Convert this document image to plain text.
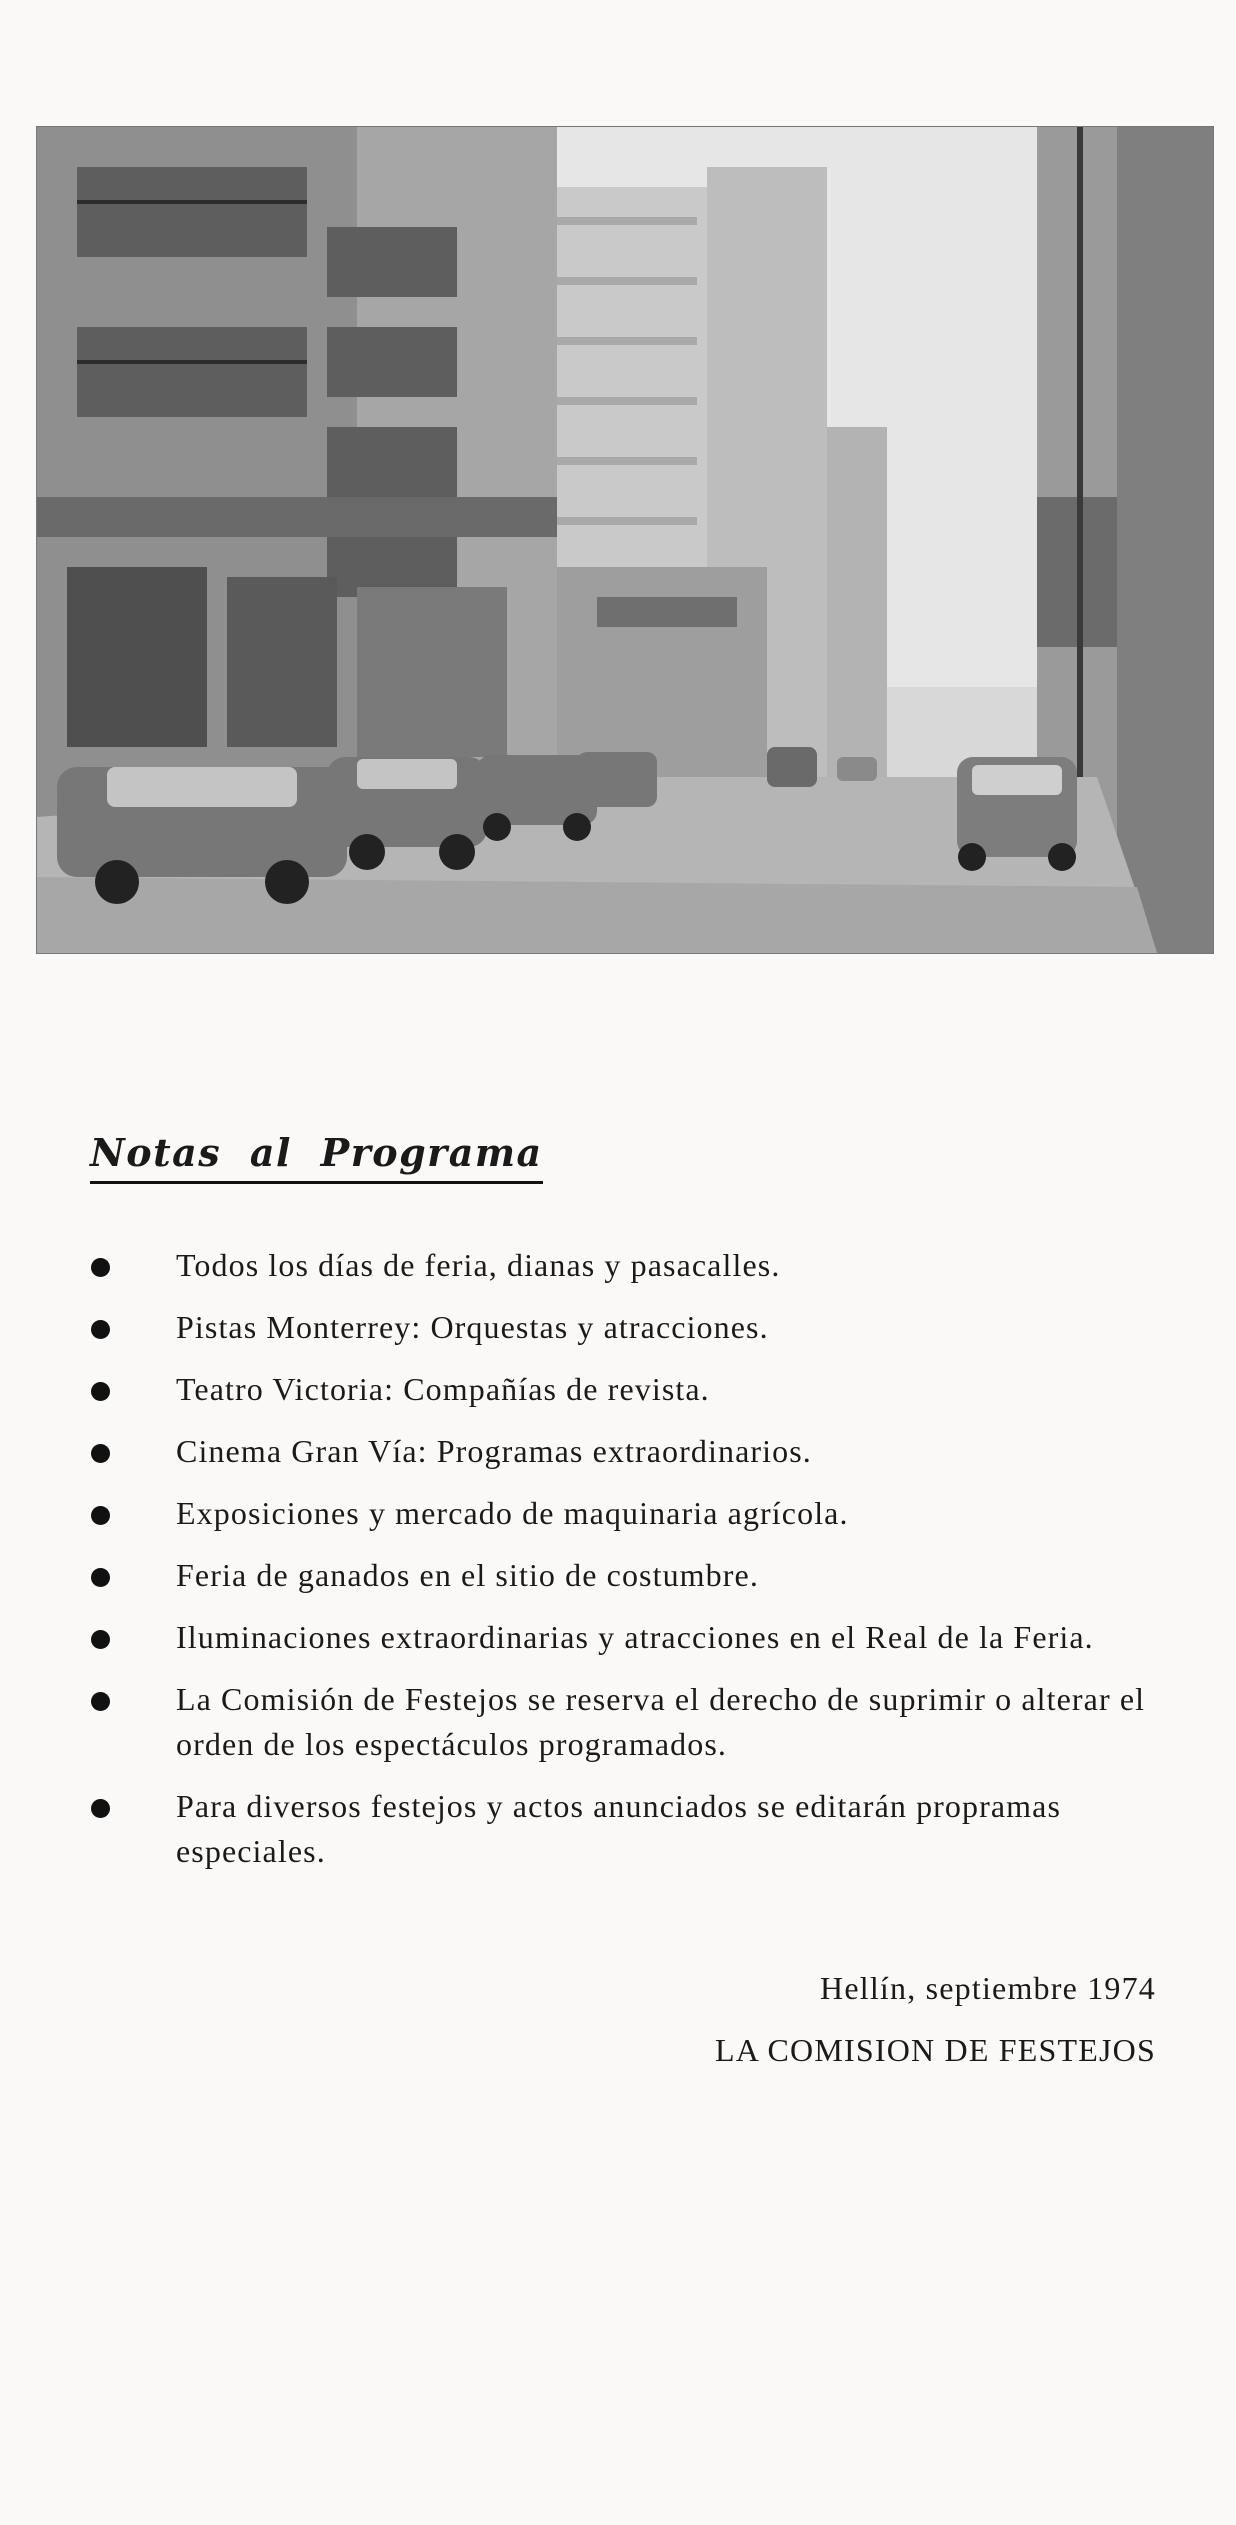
Notas al Programa
Todos los días de feria, dianas y pasacalles.
Pistas Monterrey: Orquestas y atracciones.
Teatro Victoria: Compañías de revista.
Cinema Gran Vía: Programas extraordinarios.
Exposiciones y mercado de maquinaria agrícola.
Feria de ganados en el sitio de costumbre.
Iluminaciones extraordinarias y atracciones en el Real de la Feria.
La Comisión de Festejos se reserva el derecho de suprimir o alterar el orden de los espectáculos programados.
Para diversos festejos y actos anunciados se editarán propramas especiales.
Hellín, septiembre 1974
LA COMISION DE FESTEJOS
